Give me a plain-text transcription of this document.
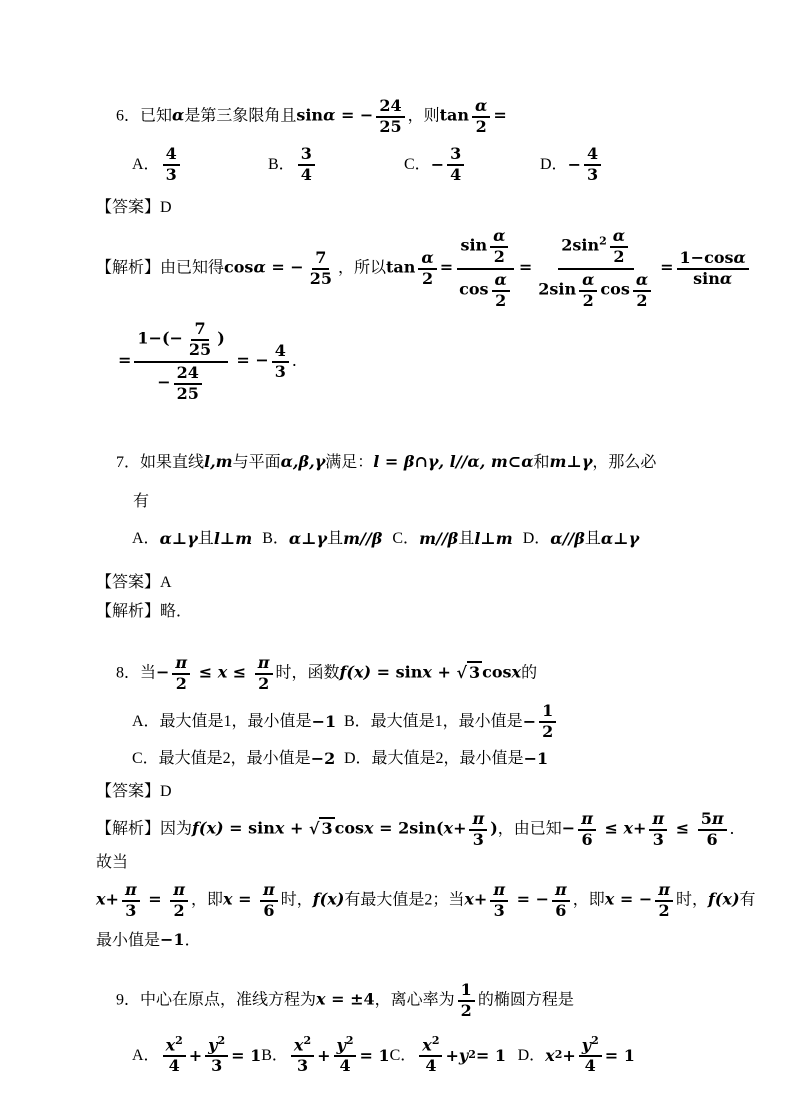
6．已知α是第三象限角且sinα = − $\frac{24}{25}$ ，则$\tan \frac{\alpha}{2}$ =
A． $\frac{4}{3}$	B． $\frac{3}{4}$	C． − $\frac{3}{4}$	D． − $\frac{4}{3}$
【答案】D
【解析】由已知得cosα = − $\frac{7}{25}$ ，所以$\tan \frac{\alpha}{2} = \frac{\sin \frac{\alpha}{2}}{\cos \frac{\alpha}{2}} = \frac{2\sin^2 \frac{\alpha}{2}}{2\sin \frac{\alpha}{2} \cos \frac{\alpha}{2}} = \frac{1-\cos\alpha}{\sin\alpha}$
= $\frac{1-(- \frac{7}{25} )}{- \frac{24}{25}}$ = − $\frac{4}{3}$ ．
7．如果直线l,m与平面α,β,γ满足：l = β∩γ, l//α, m⊂α和m⊥γ，那么必
有
A． α ⊥ γ 且 l ⊥ m B． α ⊥ γ 且 m//β C． m//β 且 l ⊥ m D． α//β 且 α ⊥ γ
【答案】A
【解析】略．
8．当− $\frac{\pi}{2} \le x \le \frac{\pi}{2}$ 时，函数f(x) = sinx + √ 3 cosx的
A．最大值是1，最小值是 −1 B．最大值是1，最小值是 − $\frac{1}{2}$
C．最大值是2，最小值是 −2 D．最大值是2，最小值是 −1
【答案】D
【解析】因为f(x) = sinx + √ 3 $\cos x = 2\sin(x+ \frac{\pi}{3}$ )，由已知− $\frac{\pi}{6} \le x+ \frac{\pi}{3} \le \frac{5\pi}{6}$ ．故当
$x+ \frac{\pi}{3} = \frac{\pi}{2}$ ，即$x = \frac{\pi}{6}$ 时，f(x)有最大值是2；当$x+ \frac{\pi}{3}$ = − $\frac{\pi}{6}$ ，即x = − $\frac{\pi}{2}$ 时，f(x)有
最小值是−1．
9．中心在原点，准线方程为x = ±4，离心率为 $\frac{1}{2}$ 的椭圆方程是
A． $\frac{x^2}{4} + \frac{y^2}{3} = 1$ B． $\frac{x^2}{3} + \frac{y^2}{4} = 1$ C． $\frac{x^2}{4} + y$ 2 = 1 D． x $2 + \frac{y^2}{4} = 1$
